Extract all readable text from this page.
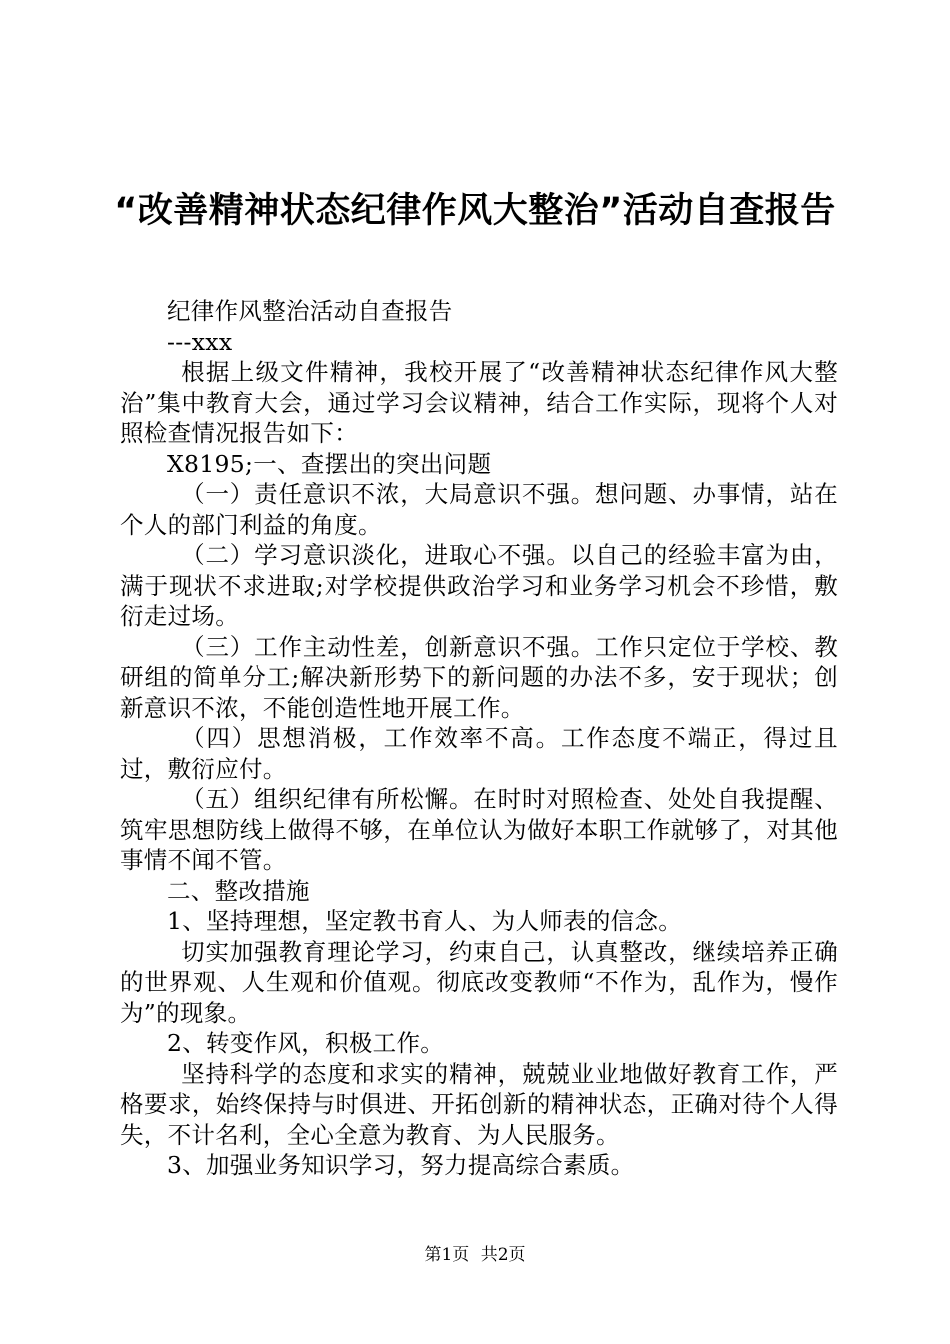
“改善精神状态纪律作风大整治”活动自查报告

纪律作风整治活动自查报告

---xxx

根据上级文件精神，我校开展了“改善精神状态纪律作风大整治”集中教育大会，通过学习会议精神，结合工作实际，现将个人对照检查情况报告如下：

X8195;一、查摆出的突出问题

（一）责任意识不浓，大局意识不强。想问题、办事情，站在个人的部门利益的角度。

（二）学习意识淡化，进取心不强。以自己的经验丰富为由，满于现状不求进取;对学校提供政治学习和业务学习机会不珍惜，敷衍走过场。

（三）工作主动性差，创新意识不强。工作只定位于学校、教研组的简单分工;解决新形势下的新问题的办法不多，安于现状；创新意识不浓，不能创造性地开展工作。

（四）思想消极，工作效率不高。工作态度不端正，得过且过，敷衍应付。

（五）组织纪律有所松懈。在时时对照检查、处处自我提醒、筑牢思想防线上做得不够，在单位认为做好本职工作就够了，对其他事情不闻不管。

二、整改措施

1、坚持理想，坚定教书育人、为人师表的信念。

切实加强教育理论学习，约束自己，认真整改，继续培养正确的世界观、人生观和价值观。彻底改变教师“不作为，乱作为，慢作为”的现象。

2、转变作风，积极工作。

坚持科学的态度和求实的精神，兢兢业业地做好教育工作，严格要求，始终保持与时俱进、开拓创新的精神状态，正确对待个人得失，不计名利，全心全意为教育、为人民服务。

3、加强业务知识学习，努力提高综合素质。

第1页 共2页
